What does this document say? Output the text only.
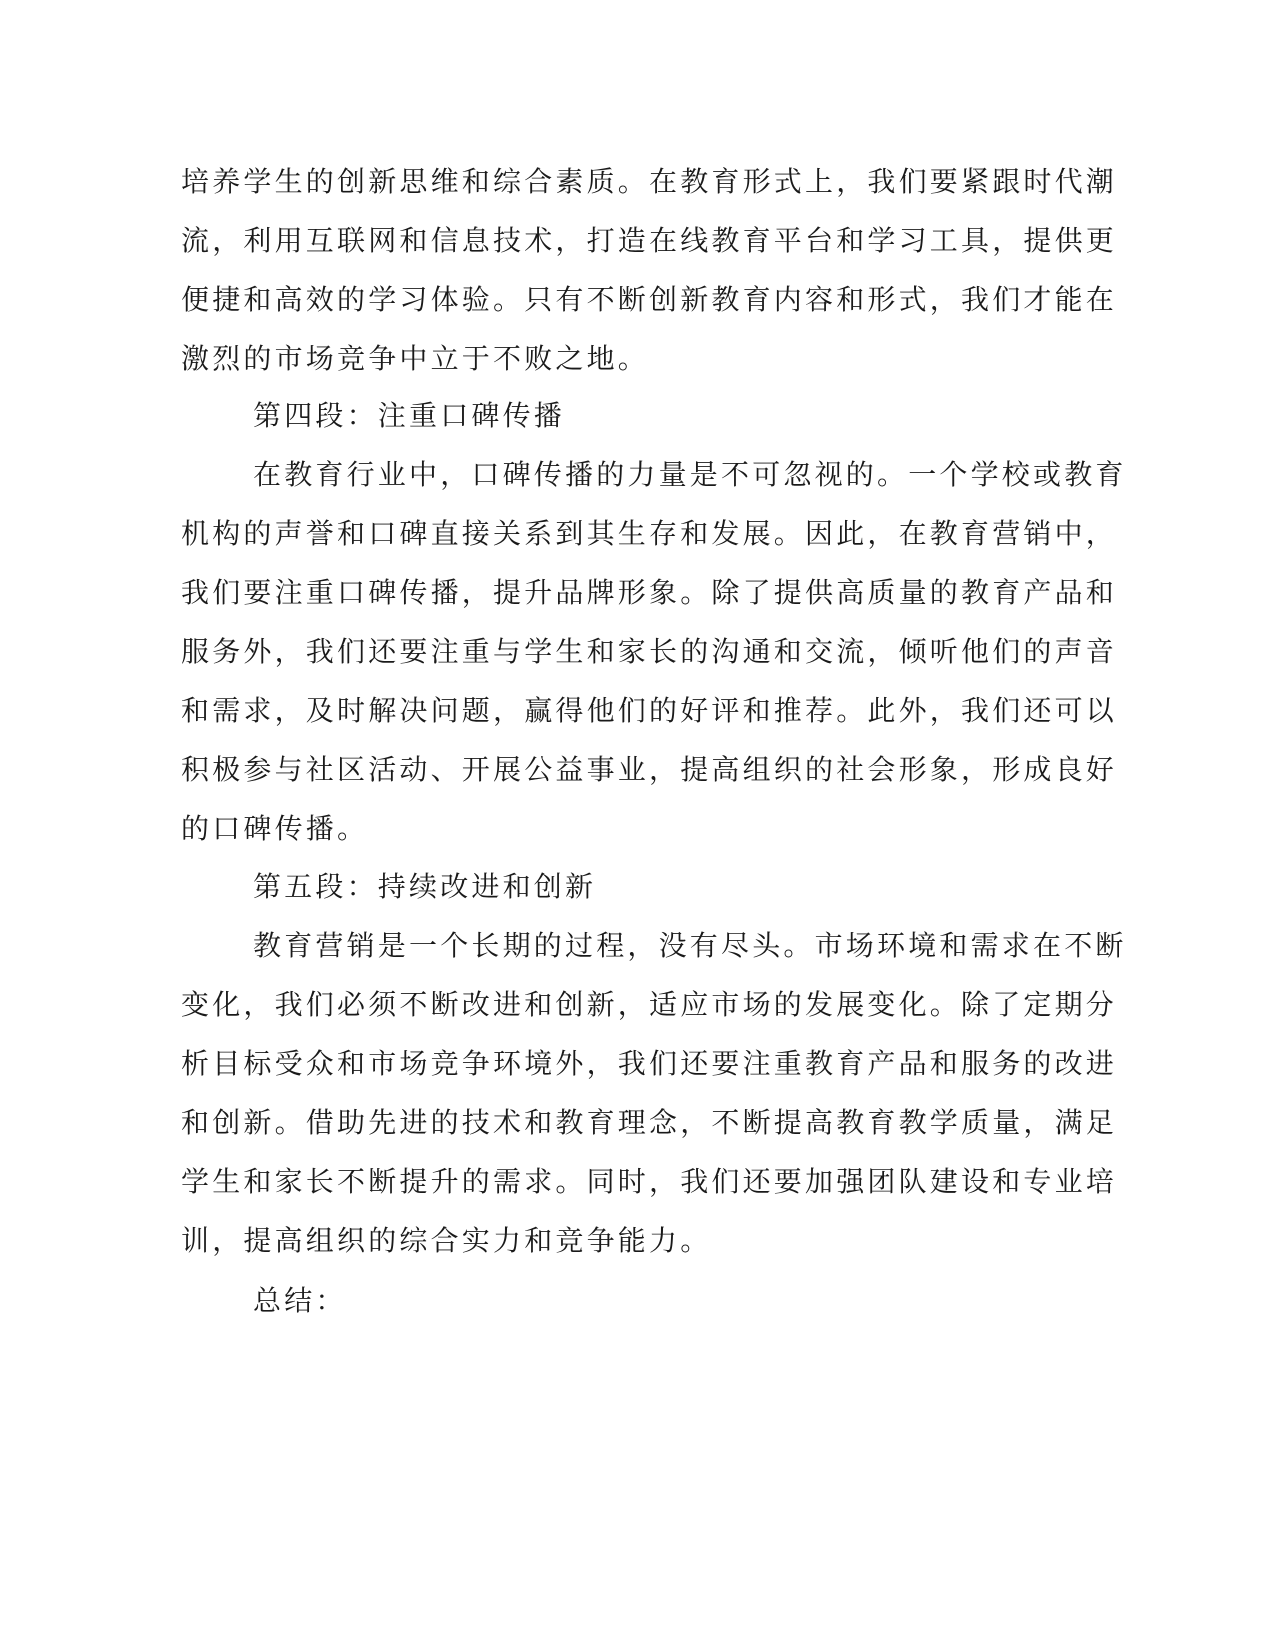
培养学生的创新思维和综合素质。在教育形式上，我们要紧跟时代潮
流，利用互联网和信息技术，打造在线教育平台和学习工具，提供更
便捷和高效的学习体验。只有不断创新教育内容和形式，我们才能在
激烈的市场竞争中立于不败之地。
第四段：注重口碑传播
在教育行业中，口碑传播的力量是不可忽视的。一个学校或教育
机构的声誉和口碑直接关系到其生存和发展。因此，在教育营销中，
我们要注重口碑传播，提升品牌形象。除了提供高质量的教育产品和
服务外，我们还要注重与学生和家长的沟通和交流，倾听他们的声音
和需求，及时解决问题，赢得他们的好评和推荐。此外，我们还可以
积极参与社区活动、开展公益事业，提高组织的社会形象，形成良好
的口碑传播。
第五段：持续改进和创新
教育营销是一个长期的过程，没有尽头。市场环境和需求在不断
变化，我们必须不断改进和创新，适应市场的发展变化。除了定期分
析目标受众和市场竞争环境外，我们还要注重教育产品和服务的改进
和创新。借助先进的技术和教育理念，不断提高教育教学质量，满足
学生和家长不断提升的需求。同时，我们还要加强团队建设和专业培
训，提高组织的综合实力和竞争能力。
总结：
